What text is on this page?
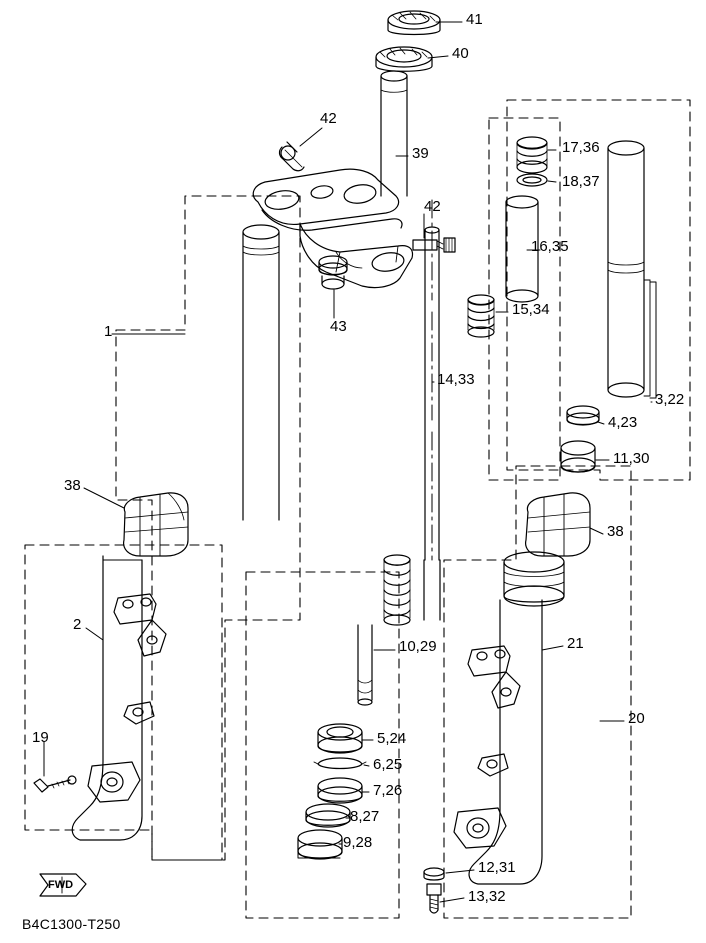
41
40
42
39	17,36
18,37
42
16,35
43
15,34
1
14,33
3,22
4,23
11,30
38
38
2
10,29	21
20
19	5,24
6,25
7,26
8,27
9,28
12,31
13,32
FWD
B4C1300-T250
